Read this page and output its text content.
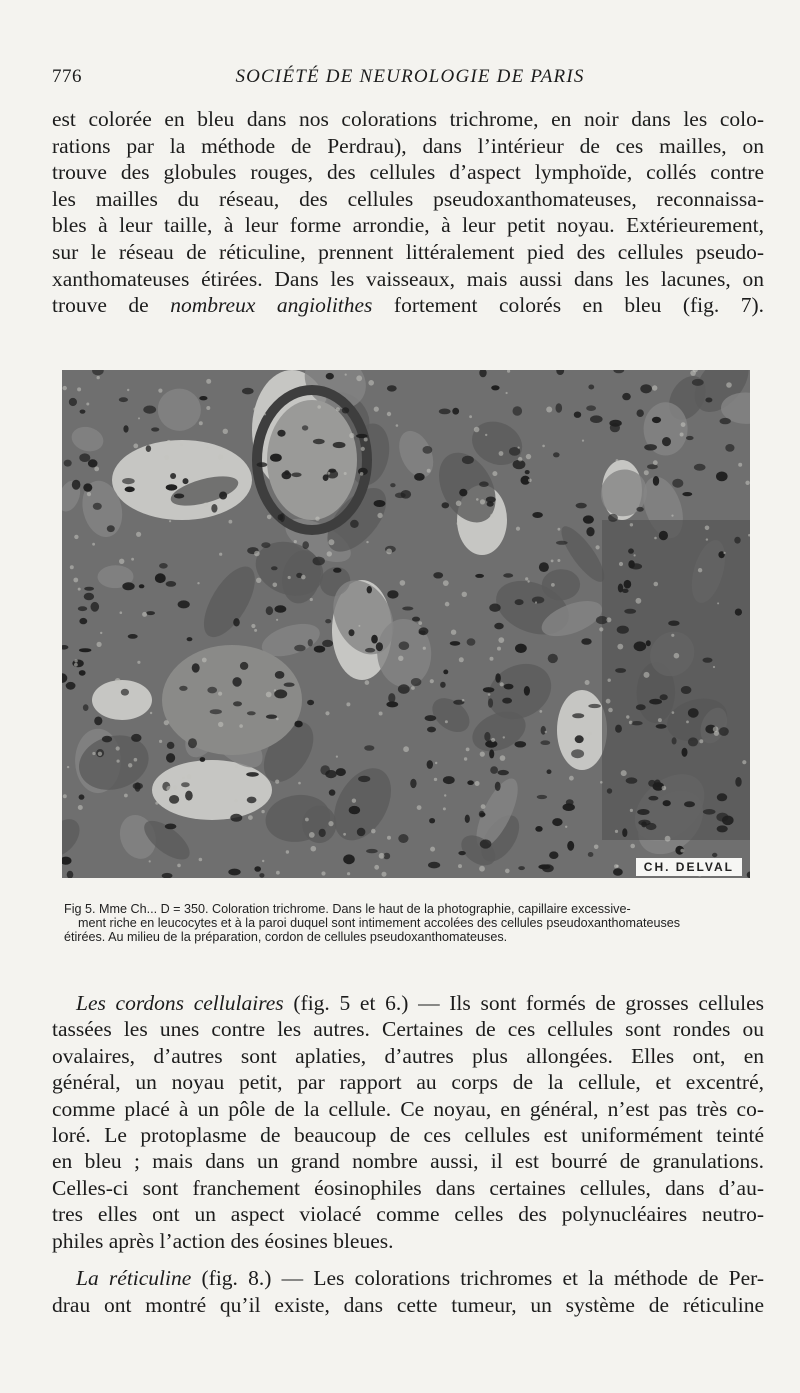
776	SOCIÉTÉ DE NEUROLOGIE DE PARIS
est colorée en bleu dans nos colorations trichrome, en noir dans les colo-
rations par la méthode de Perdrau), dans l’intérieur de ces mailles, on
trouve des globules rouges, des cellules d’aspect lymphoïde, collés contre
les mailles du réseau, des cellules pseudoxanthomateuses, reconnaissa-
bles à leur taille, à leur forme arrondie, à leur petit noyau. Extérieurement,
sur le réseau de réticuline, prennent littéralement pied des cellules pseudo-
xanthomateuses étirées. Dans les vaisseaux, mais aussi dans les lacunes, on
trouve de nombreux angiolithes fortement colorés en bleu (fig. 7).
CH. DELVAL
Fig 5. Mme Ch... D = 350. Coloration trichrome. Dans le haut de la photographie, capillaire excessive-
ment riche en leucocytes et à la paroi duquel sont intimement accolées des cellules pseudoxanthomateuses
étirées. Au milieu de la préparation, cordon de cellules pseudoxanthomateuses.
Les cordons cellulaires (fig. 5 et 6.) — Ils sont formés de grosses cellules
tassées les unes contre les autres. Certaines de ces cellules sont rondes ou
ovalaires, d’autres sont aplaties, d’autres plus allongées. Elles ont, en
général, un noyau petit, par rapport au corps de la cellule, et excentré,
comme placé à un pôle de la cellule. Ce noyau, en général, n’est pas très co-
loré. Le protoplasme de beaucoup de ces cellules est uniformément teinté
en bleu ; mais dans un grand nombre aussi, il est bourré de granulations.
Celles-ci sont franchement éosinophiles dans certaines cellules, dans d’au-
tres elles ont un aspect violacé comme celles des polynucléaires neutro-
philes après l’action des éosines bleues.
La réticuline (fig. 8.) — Les colorations trichromes et la méthode de Per-
drau ont montré qu’il existe, dans cette tumeur, un système de réticuline
